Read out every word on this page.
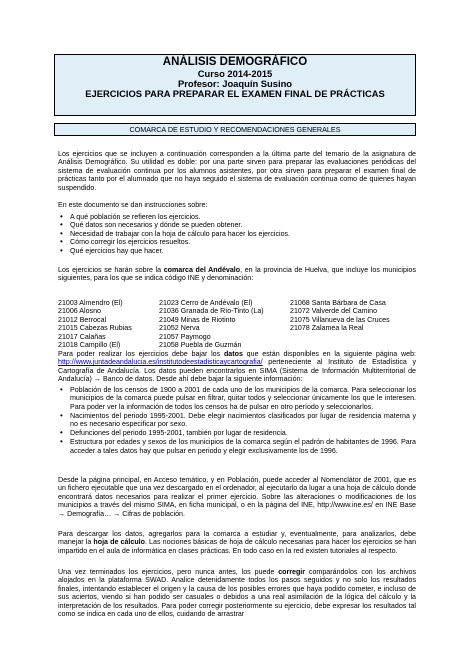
ANÁLISIS DEMOGRÁFICO
Curso 2014-2015
Profesor: Joaquín Susino
EJERCICIOS PARA PREPARAR EL EXAMEN FINAL DE PRÁCTICAS
COMARCA DE ESTUDIO Y RECOMENDACIONES GENERALES
Los ejercicios que se incluyen a continuación corresponden a la última parte del temario de la asignatura de Análisis Demográfico. Su utilidad es doble: por una parte sirven para preparar las evaluaciones periódicas del sistema de evaluación continua por los alumnos asistentes, por otra sirven para preparar el examen final de prácticas tanto por el alumnado que no haya seguido el sistema de evaluación continua como de quienes hayan suspendido.
En este documento se dan instrucciones sobre:
• A qué población se refieren los ejercicios.
• Qué datos son necesarios y dónde se pueden obtener.
• Necesidad de trabajar con la hoja de cálculo para hacer los ejercicios.
• Cómo corregir los ejercicios resueltos.
• Qué ejercicios hay que hacer.
Los ejercicios se harán sobre la comarca del Andévalo, en la provincia de Huelva, que incluye los municipios siguientes, para los que se indica código INE y denominación:
21003 Almendro (El)
21006 Alosno
21012 Berrocal
21015 Cabezas Rubias
21017 Calañas
21018 Campillo (El)
21023 Cerro de Andévalo (El)
21036 Granada de Río-Tinto (La)
21049 Minas de Riotinto
21052 Nerva
21057 Paymogo
21058 Puebla de Guzmán
21068 Santa Bárbara de Casa
21072 Valverde del Camino
21075 Villanueva de las Cruces
21078 Zalamea la Real
Para poder realizar los ejercicios debe bajar los datos que están disponibles en la siguiente página web: http://www.juntadeandalucia.es/institutodeestadisticaycartografia/ perteneciente al Instituto de Estadística y Cartografía de Andalucía. Los datos pueden encontrarlos en SIMA (Sistema de Información Multiterritorial de Andalucía) → Banco de datos. Desde ahí debe bajar la siguiente información:
• Población de los censos de 1900 a 2001 de cada uno de los municipios de la comarca. Para seleccionar los municipios de la comarca puede pulsar en filtrar, quitar todos y seleccionar únicamente los que le interesen. Para poder ver la información de todos los censos ha de pulsar en otro período y seleccionarlos.
• Nacimientos del periodo 1995-2001. Debe elegir nacimientos clasificados por lugar de residencia materna y no es necesario especificar por sexo.
• Defunciones del periodo 1995-2001, también por lugar de residencia.
• Estructura por edades y sexos de los municipios de la comarca según el padrón de habitantes de 1996. Para acceder a tales datos hay que pulsar en periodo y elegir exclusivamente los de 1996.
Desde la página principal, en Acceso temático, y en Población, puede acceder al Nomenclátor de 2001, que es un fichero ejecutable que una vez descargado en el ordenador, al ejecutarlo da lugar a una hoja de cálculo donde encontrará datos necesarios para realizar el primer ejercicio. Sobre las alteraciones o modificaciones de los municipios a través del mismo SIMA, en ficha municipal, o en la página del INE, http://www.ine.es/ en INE Base → Demografía… → Cifras de población.
Para descargar los datos, agregarlos para la comarca a estudiar y, eventualmente, para analizarlos, debe manejar la hoja de cálculo. Las nociones básicas de hoja de cálculo necesarias para hacer los ejercicios se han impartido en el aula de informática en clases prácticas. En todo caso en la red existen tutoriales al respecto.
Una vez terminados los ejercicios, pero nunca antes, los puede corregir comparándolos con los archivos alojados en la plataforma SWAD. Analice detenidamente todos los pasos seguidos y no solo los resultados finales, intentando establecer el origen y la causa de los posibles errores que haya podido cometer, e incluso de sus aciertos, viendo si han podido ser casuales o debidos a una real asimilación de la lógica del cálculo y la interpretación de los resultados. Para poder corregir posteriormente su ejercicio, debe expresar los resultados tal como se indica en cada uno de ellos, cuidando de arrastrar
